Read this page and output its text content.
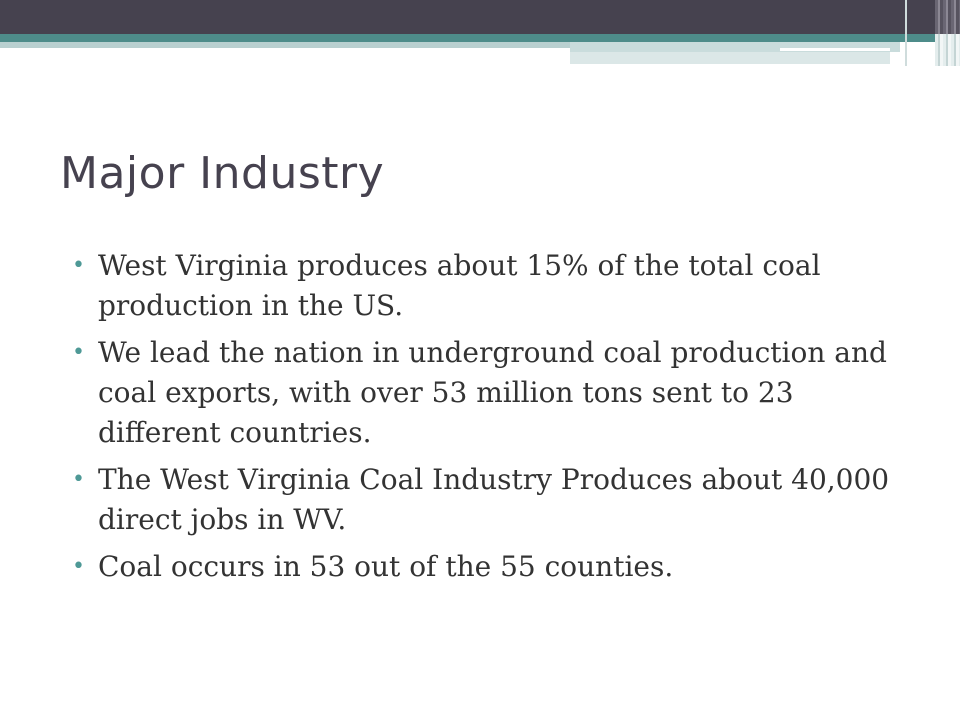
Major Industry
• West Virginia produces about 15% of the total coal production in the US.
• We lead the nation in underground coal production and coal exports, with over 53 million tons sent to 23 different countries.
• The West Virginia Coal Industry Produces about 40,000 direct jobs in WV.
• Coal occurs in 53 out of the 55 counties.
